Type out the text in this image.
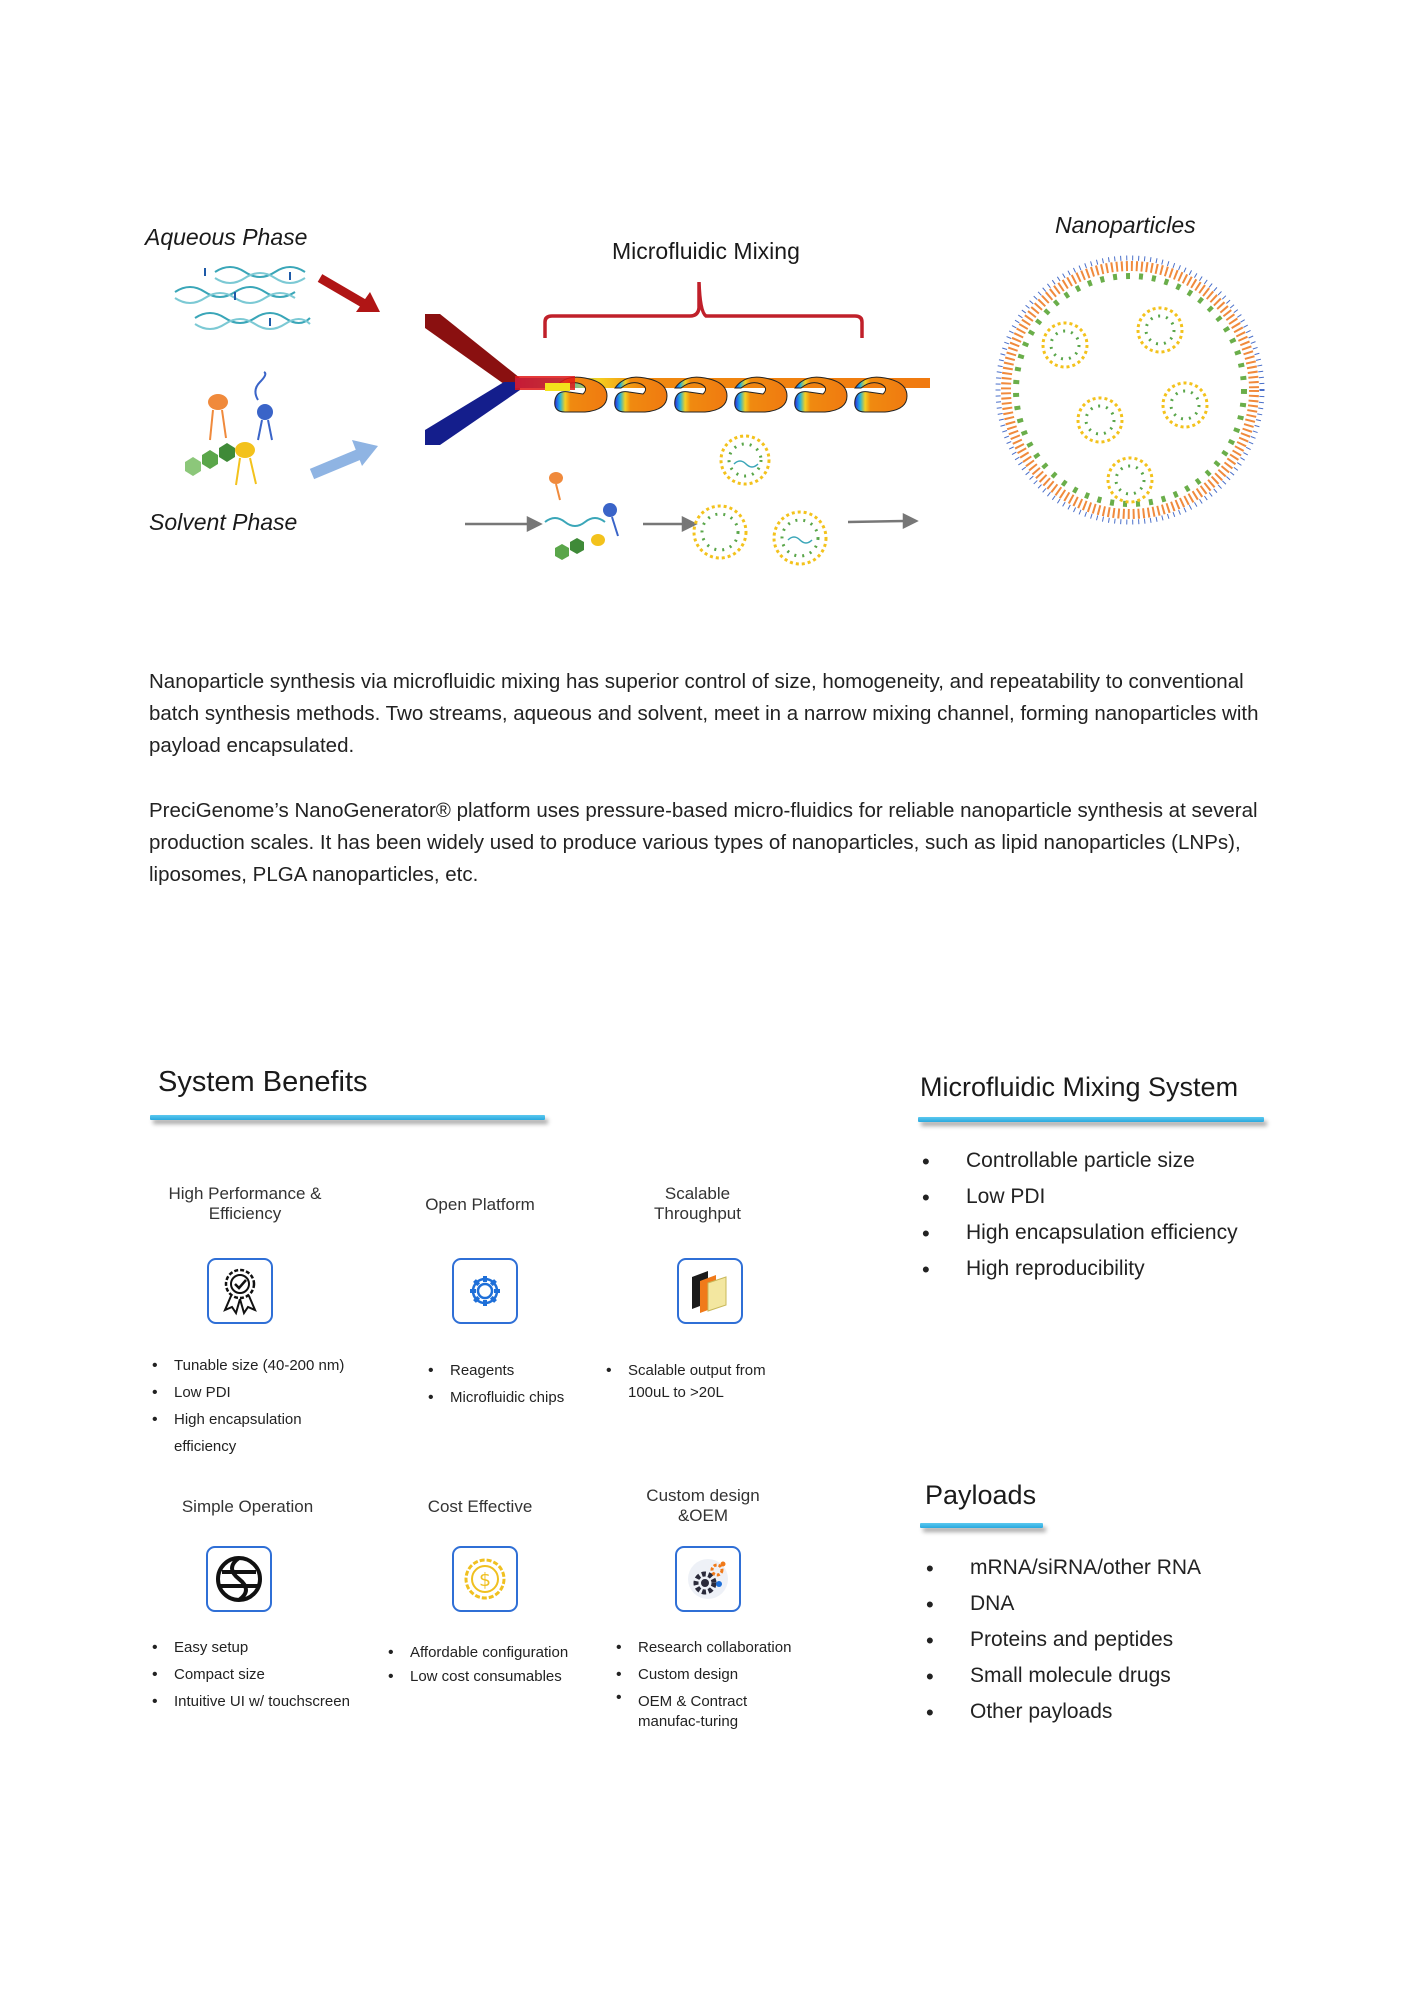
Aqueous Phase
Solvent Phase
Microfluidic Mixing
Nanoparticles
Nanoparticle synthesis via microfluidic mixing has superior control of size, homogeneity, and repeatability to conventional batch synthesis methods. Two streams, aqueous and solvent, meet in a narrow mixing channel, forming nanoparticles with payload encapsulated.
PreciGenome’s NanoGenerator® platform uses pressure-based micro-fluidics for reliable nanoparticle synthesis at several production scales. It has been widely used to produce various types of nanoparticles, such as lipid nanoparticles (LNPs), liposomes, PLGA nanoparticles, etc.
System Benefits
High Performance & Efficiency	Open Platform
Scalable Throughput
• Tunable size (40-200 nm)
• Low PDI
• High encapsulation efficiency
• Reagents
• Microfluidic chips
• Scalable output from 100uL to >20L
Simple Operation	Cost Effective
Custom design &OEM
$
• Easy setup
• Compact size
• Intuitive UI w/ touchscreen
• Affordable configuration
• Low cost consumables
• Research collaboration
• Custom design
• OEM & Contract manufac-turing
Microfluidic Mixing System
• Controllable particle size
• Low PDI
• High encapsulation efficiency
• High reproducibility
Payloads
• mRNA/siRNA/other RNA
• DNA
• Proteins and peptides
• Small molecule drugs
• Other payloads
